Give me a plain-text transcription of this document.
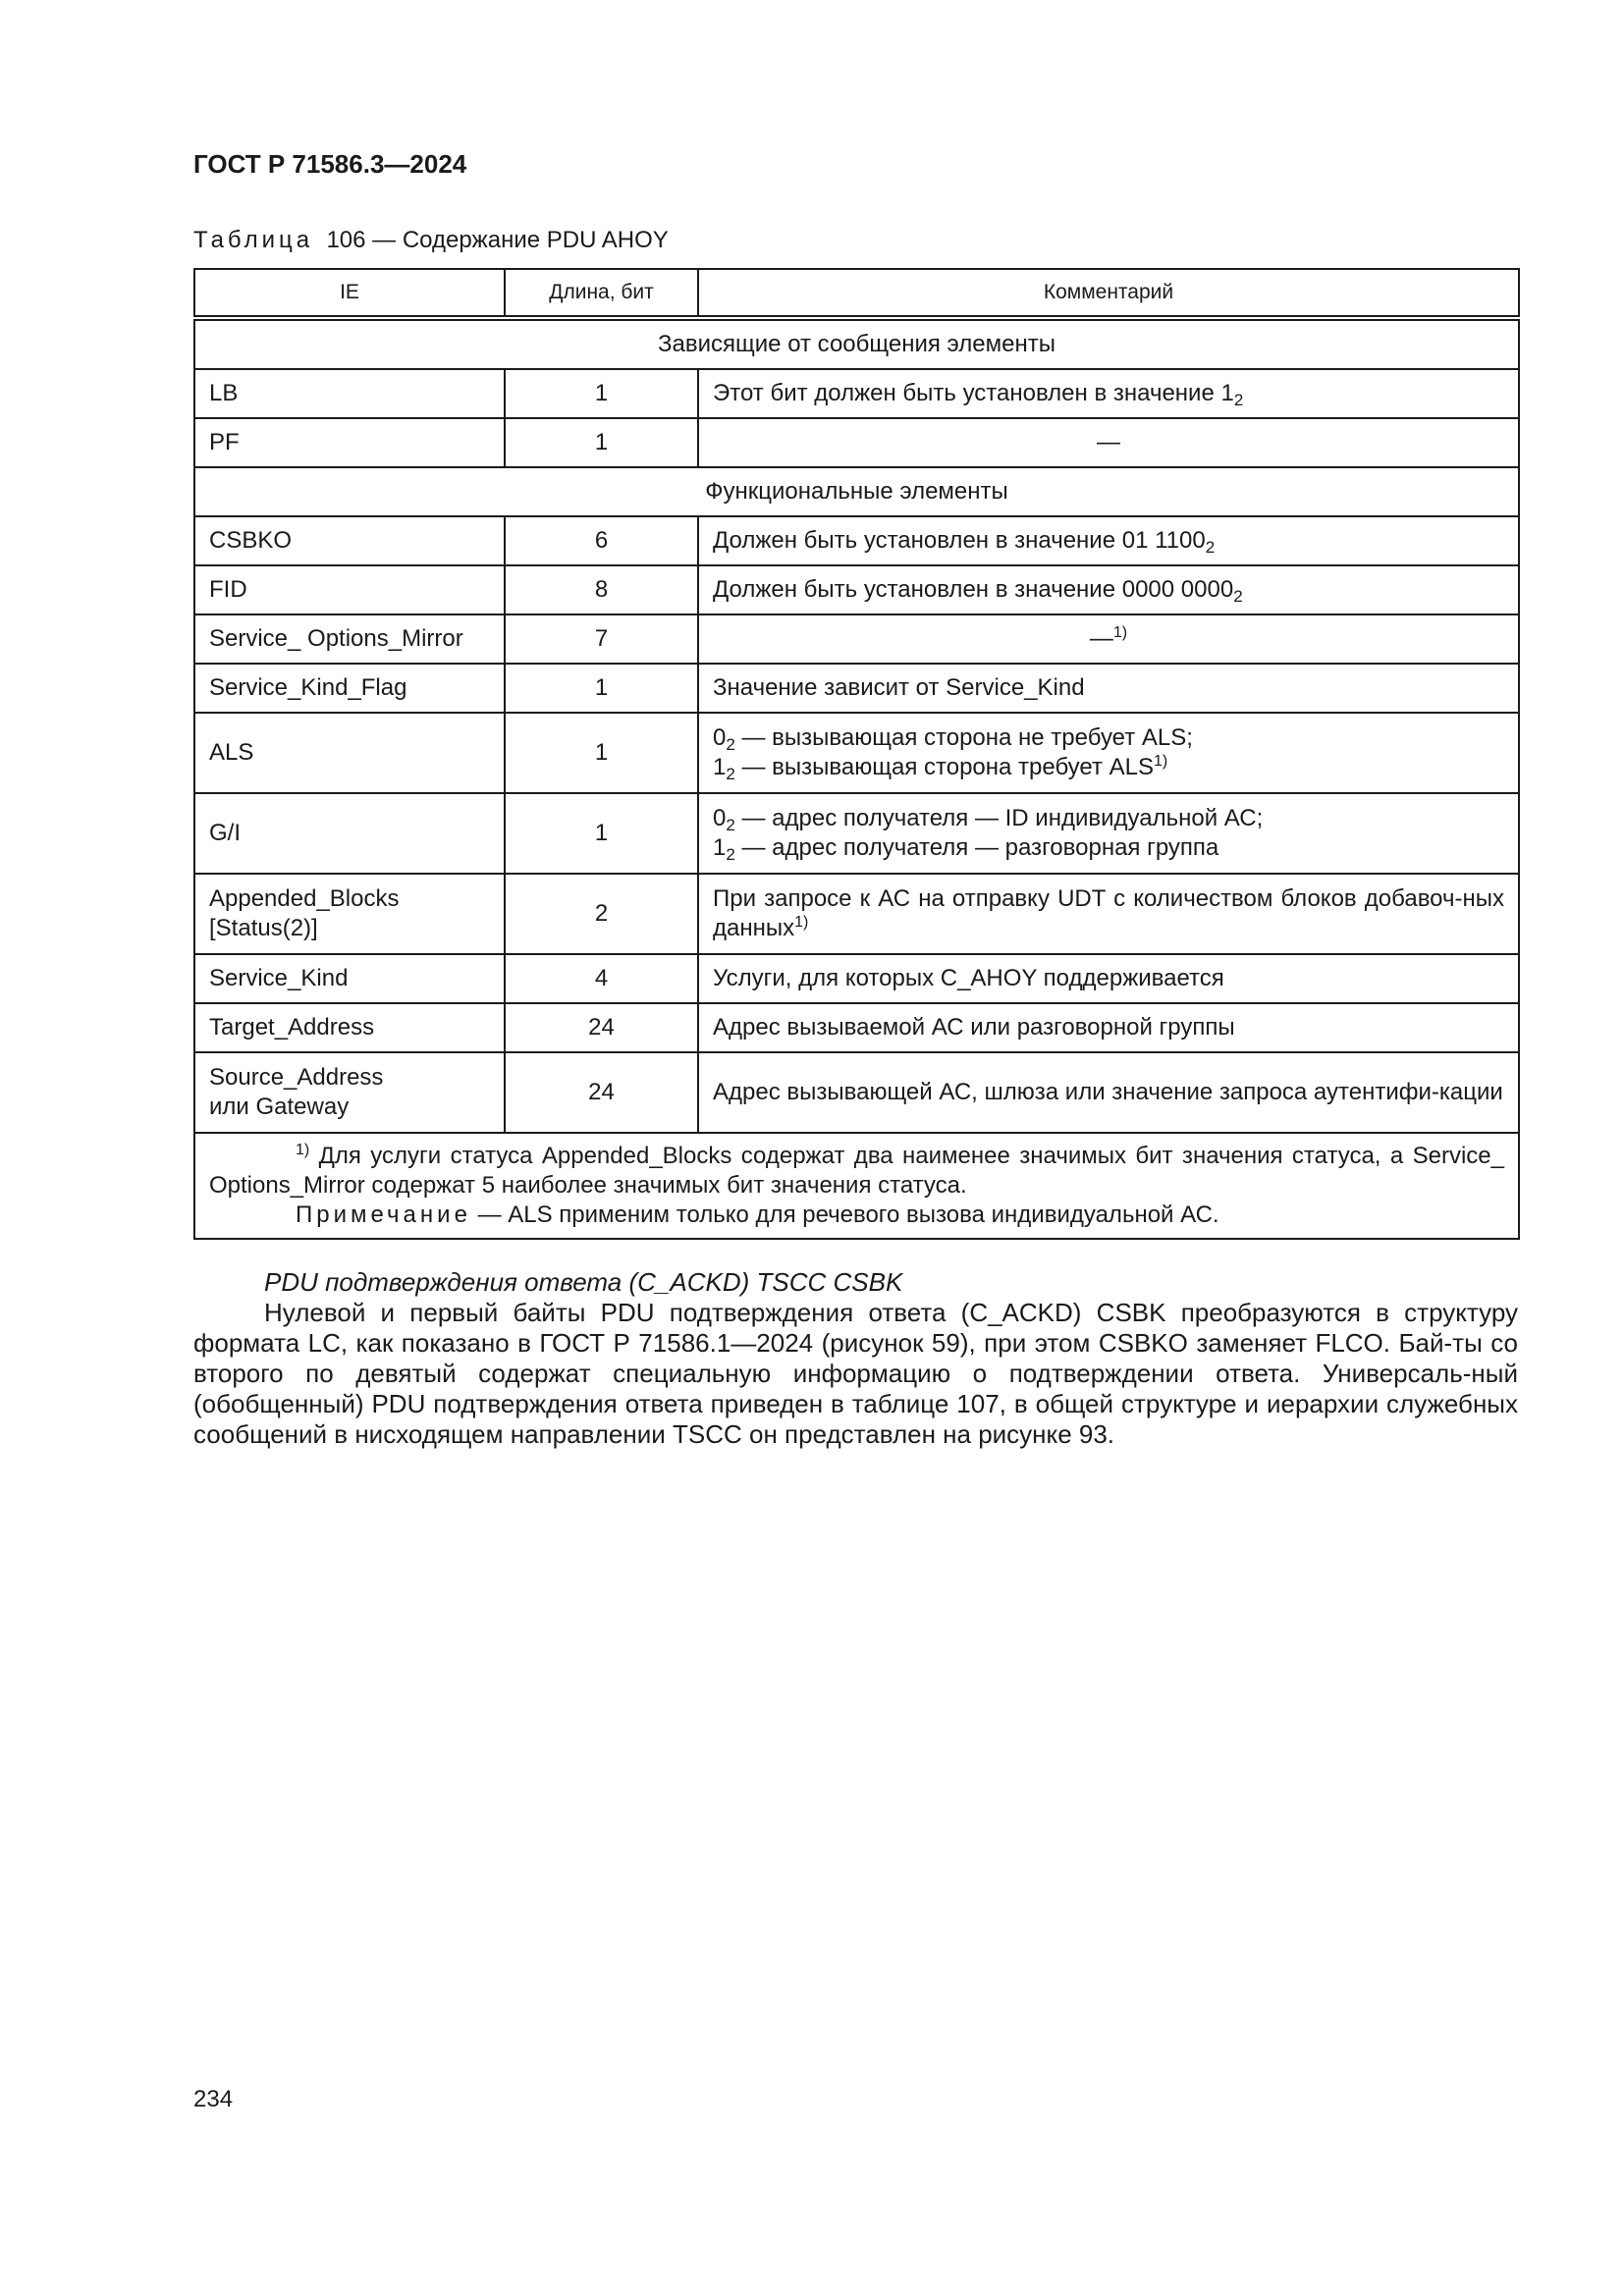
ГОСТ Р 71586.3—2024
Таблица 106 — Содержание PDU AHOY
IE	Длина, бит	Комментарий
Зависящие от сообщения элементы		
LB	1	Этот бит должен быть установлен в значение $1_2$
PF	1	—
Функциональные элементы		
CSBKO	6	Должен быть установлен в значение 01 $1100_2$
FID	8	Должен быть установлен в значение 0000 $0000_2$
Service_ Options_Mirror	7	—$^{1)}$
Service_Kind_Flag	1	Значение зависит от Service_Kind
ALS	1	$0_2$ — вызывающая сторона не требует ALS;
$1_2$ — вызывающая сторона требует ALS$^{1)}$

G/I	1	$0_2$ — адрес получателя — ID индивидуальной АС;
$1_2$ — адрес получателя — разговорная группа

Appended_Blocks
[Status(2)]	2	При запросе к АС на отправку UDT с количеством блоков добавоч-ных данных$^{1)}$
Service_Kind	4	Услуги, для которых C_AHOY поддерживается
Target_Address	24	Адрес вызываемой АС или разговорной группы

Source_Address
или Gateway	24	Адрес вызывающей АС, шлюза или значение запроса аутентифи-кации

$^{1)}$ Для услуги статуса Appended_Blocks содержат два наименее значимых бит значения статуса, a Service_ Options_Mirror содержат 5 наиболее значимых бит значения статуса.
Примечание — ALS применим только для речевого вызова индивидуальной АС.		
PDU подтверждения ответа (C_ACKD) TSCC CSBK
Нулевой и первый байты PDU подтверждения ответа (C_ACKD) CSBK преобразуются в структуру формата LC, как показано в ГОСТ Р 71586.1—2024 (рисунок 59), при этом CSBKO заменяет FLCO. Бай-ты со второго по девятый содержат специальную информацию о подтверждении ответа. Универсаль-ный (обобщенный) PDU подтверждения ответа приведен в таблице 107, в общей структуре и иерархии служебных сообщений в нисходящем направлении TSCC он представлен на рисунке 93.
234
